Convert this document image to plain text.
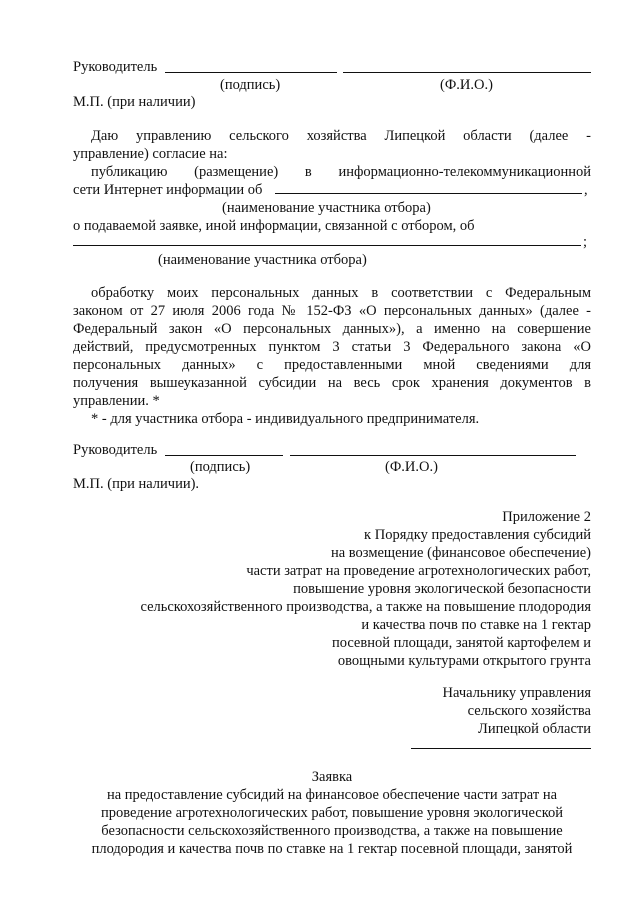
Руководитель
(подпись)	(Ф.И.О.)
М.П. (при наличии)
Даю управлению сельского хозяйства Липецкой области (далее -
управление) согласие на:
публикацию (размещение) в информационно-телекоммуникационной
сети Интернет информации об	,
(наименование участника отбора)
о подаваемой заявке, иной информации, связанной с отбором, об
;
(наименование участника отбора)
обработку моих персональных данных в соответствии с Федеральным
законом от 27 июля 2006 года № 152-ФЗ «О персональных данных» (далее -
Федеральный закон «О персональных данных»), а именно на совершение
действий, предусмотренных пунктом 3 статьи 3 Федерального закона «О
персональных данных» с предоставленными мной сведениями для
получения вышеуказанной субсидии на весь срок хранения документов в
управлении. *
* - для участника отбора - индивидуального предпринимателя.
Руководитель
(подпись)	(Ф.И.О.)
М.П. (при наличии).
Приложение 2
к Порядку предоставления субсидий
на возмещение (финансовое обеспечение)
части затрат на проведение агротехнологических работ,
повышение уровня экологической безопасности
сельскохозяйственного производства, а также на повышение плодородия
и качества почв по ставке на 1 гектар
посевной площади, занятой картофелем и
овощными культурами открытого грунта
Начальнику управления
сельского хозяйства
Липецкой области
Заявка
на предоставление субсидий на финансовое обеспечение части затрат на
проведение агротехнологических работ, повышение уровня экологической
безопасности сельскохозяйственного производства, а также на повышение
плодородия и качества почв по ставке на 1 гектар посевной площади, занятой
